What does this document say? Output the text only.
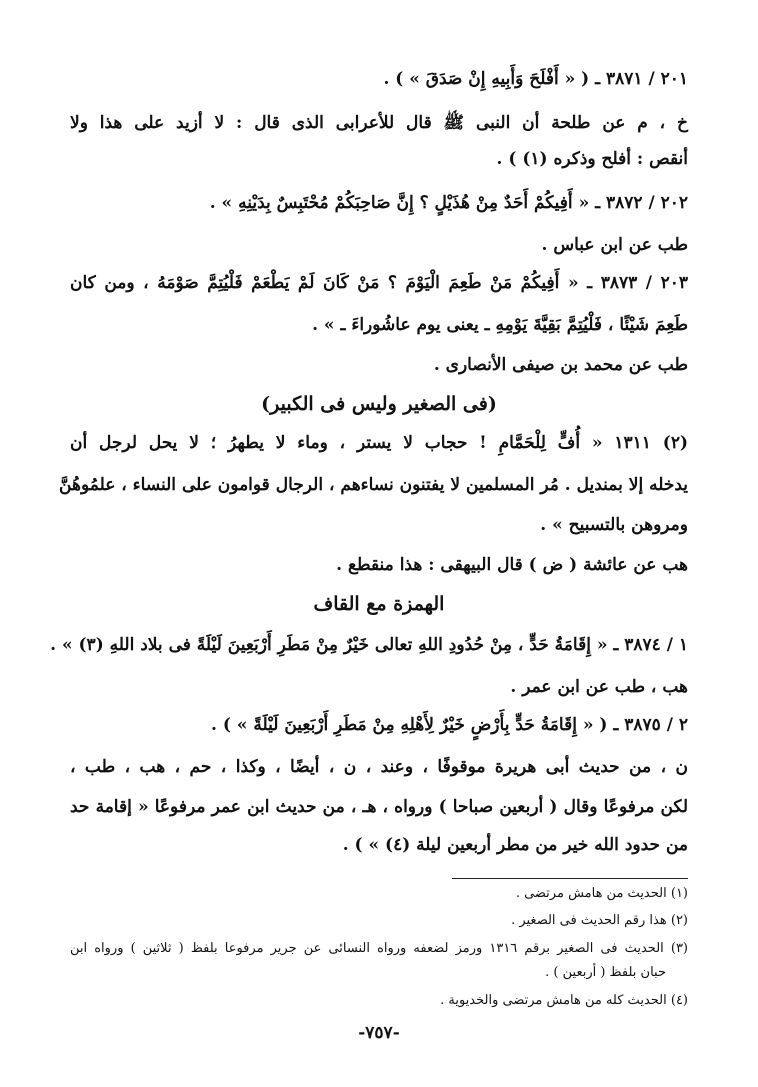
٢٠١ / ٣٨٧١ ـ ( « أَفْلَحَ وَأَبِيهِ إِنْ صَدَقَ » ) .
خ ، م عن طلحة أن النبى ﷺ قال للأعرابى الذى قال : لا أزيد على هذا ولا
أنقص : أفلح وذكره (١) ) .
٢٠٢ / ٣٨٧٢ ـ « أَفِيكُمْ أَحَدٌ مِنْ هُذَيْلٍ ؟ إِنَّ صَاحِبَكُمْ مُحْتَبِسٌ بِدَيْنِهِ » .
طب عن ابن عباس .
٢٠٣ / ٣٨٧٣ ـ « أَفِيكُمْ مَنْ طَعِمَ الْيَوْمَ ؟ مَنْ كَانَ لَمْ يَطْعَمْ فَلْيُتِمَّ صَوْمَهُ ، ومن كان
طَعِمَ شَيْئًا ، فَلْيُتِمَّ بَقِيَّةَ يَوْمِهِ ـ يعنى يوم عاشُوراءَ ـ » .
طب عن محمد بن صيفى الأنصارى .
(فى الصغير وليس فى الكبير)
(٢) ١٣١١ « أُفٍّ لِلْحَمَّامِ ! حجاب لا يستر ، وماء لا يطهرُ ؛ لا يحل لرجل أن
يدخله إلا بمنديل . مُر المسلمين لا يفتنون نساءهم ، الرجال قوامون على النساء ، علمُوهُنَّ
ومروهن بالتسبيح » .
هب عن عائشة ( ض ) قال البيهقى : هذا منقطع .
الهمزة مع القاف
١ / ٣٨٧٤ ـ « إِقَامَةُ حَدٍّ ، مِنْ حُدُودِ اللهِ تعالى خَيْرٌ مِنْ مَطَرِ أَرْبَعِينَ لَيْلَةً فى بلاد اللهِ (٣) » .
هب ، طب عن ابن عمر .
٢ / ٣٨٧٥ ـ ( « إِقَامَةُ حَدٍّ بِأَرْضٍ خَيْرٌ لِأَهْلِهِ مِنْ مَطَرِ أَرْبَعِينَ لَيْلَةً » ) .
ن ، من حديث أبى هريرة موقوفًا ، وعند ، ن ، أيضًا ، وكذا ، حم ، هب ، طب ،
لكن مرفوعًا وقال ( أربعين صباحا ) ورواه ، هـ ، من حديث ابن عمر مرفوعًا « إقامة حد
من حدود الله خير من مطر أربعين ليلة (٤) » ) .
(١) الحديث من هامش مرتضى .
(٢) هذا رقم الحديث فى الصغير .
(٣) الحديث فى الصغير برقم ١٣١٦ ورمز لضعفه ورواه النسائى عن جرير مرفوعا بلفظ ( ثلاثين ) ورواه ابن
حبان بلفظ ( أربعين ) .
(٤) الحديث كله من هامش مرتضى والخديوية .
-٧٥٧-
